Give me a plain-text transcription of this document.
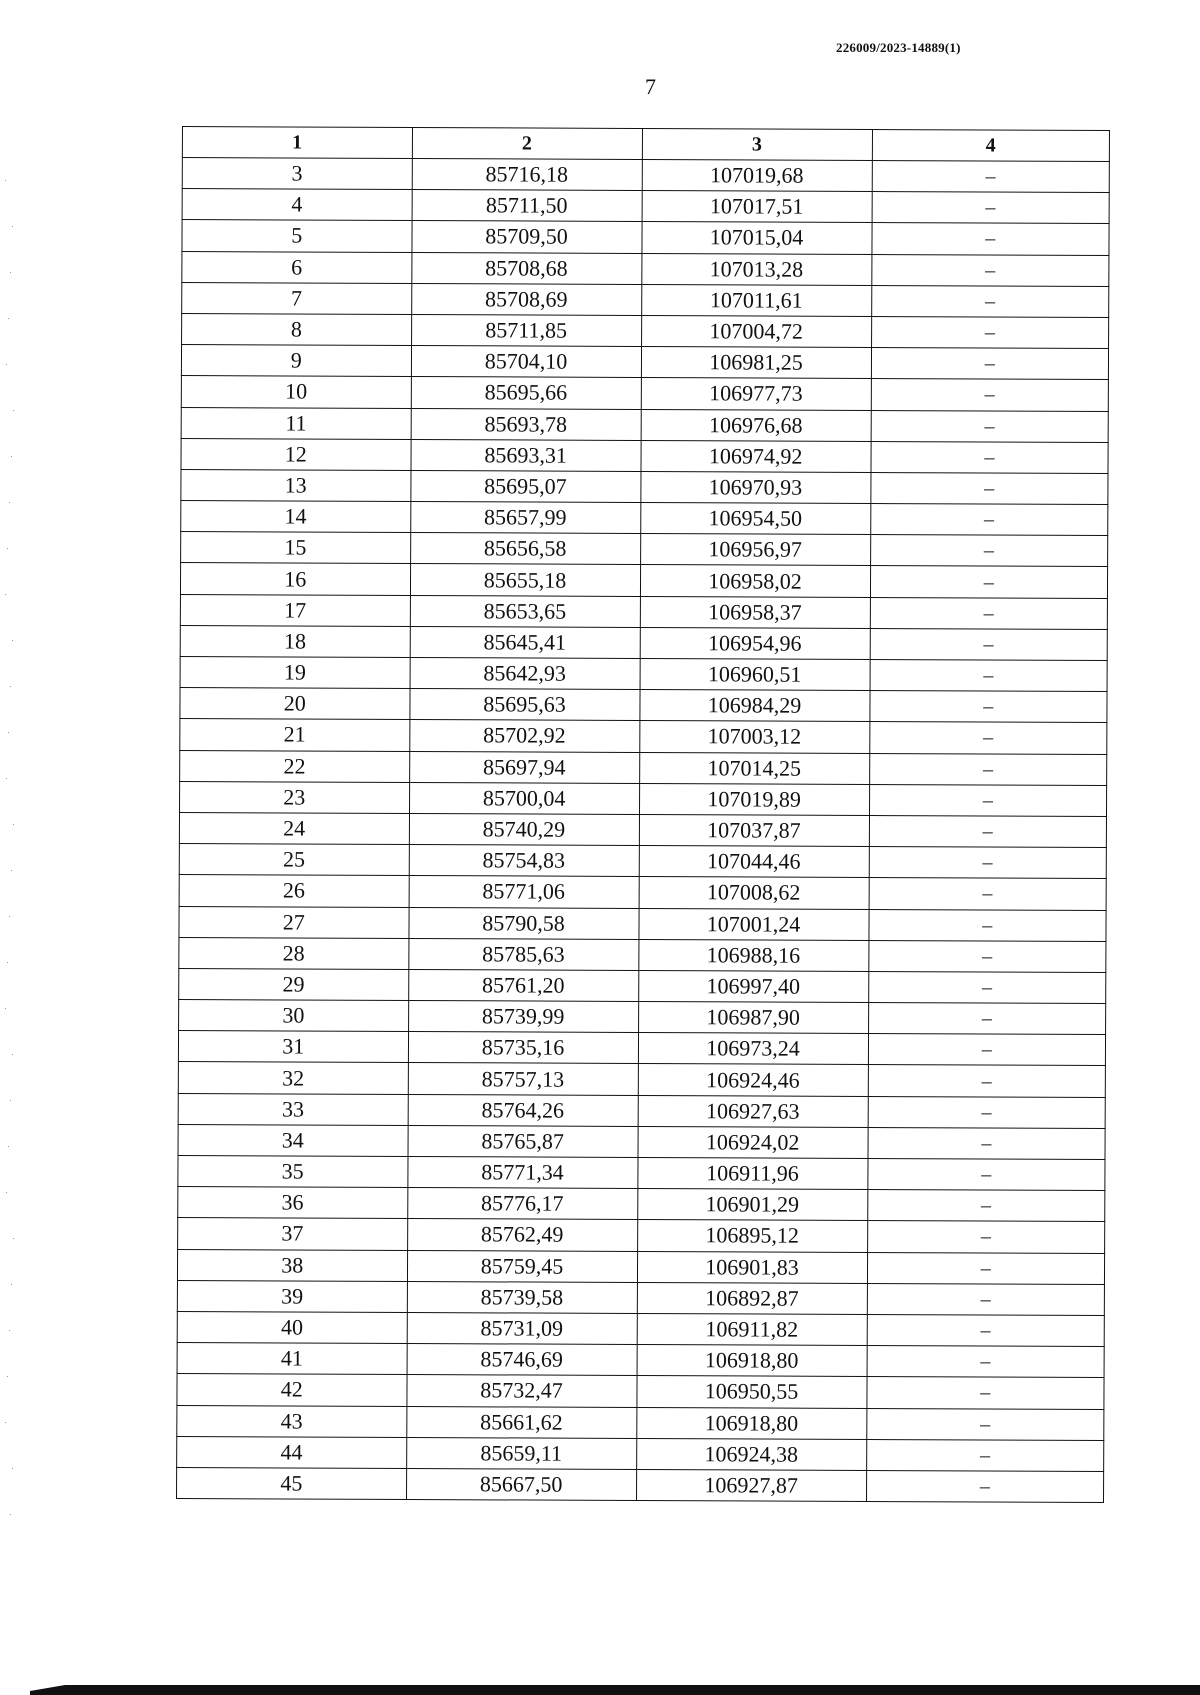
226009/2023-14889(1)
7
1	2	3	4
3	85716,18	107019,68	–
4	85711,50	107017,51	–
5	85709,50	107015,04	–
6	85708,68	107013,28	–
7	85708,69	107011,61	–
8	85711,85	107004,72	–
9	85704,10	106981,25	–
10	85695,66	106977,73	–
11	85693,78	106976,68	–
12	85693,31	106974,92	–
13	85695,07	106970,93	–
14	85657,99	106954,50	–
15	85656,58	106956,97	–
16	85655,18	106958,02	–
17	85653,65	106958,37	–
18	85645,41	106954,96	–
19	85642,93	106960,51	–
20	85695,63	106984,29	–
21	85702,92	107003,12	–
22	85697,94	107014,25	–
23	85700,04	107019,89	–
24	85740,29	107037,87	–
25	85754,83	107044,46	–
26	85771,06	107008,62	–
27	85790,58	107001,24	–
28	85785,63	106988,16	–
29	85761,20	106997,40	–
30	85739,99	106987,90	–
31	85735,16	106973,24	–
32	85757,13	106924,46	–
33	85764,26	106927,63	–
34	85765,87	106924,02	–
35	85771,34	106911,96	–
36	85776,17	106901,29	–
37	85762,49	106895,12	–
38	85759,45	106901,83	–
39	85739,58	106892,87	–
40	85731,09	106911,82	–
41	85746,69	106918,80	–
42	85732,47	106950,55	–
43	85661,62	106918,80	–
44	85659,11	106924,38	–
45	85667,50	106927,87	–
